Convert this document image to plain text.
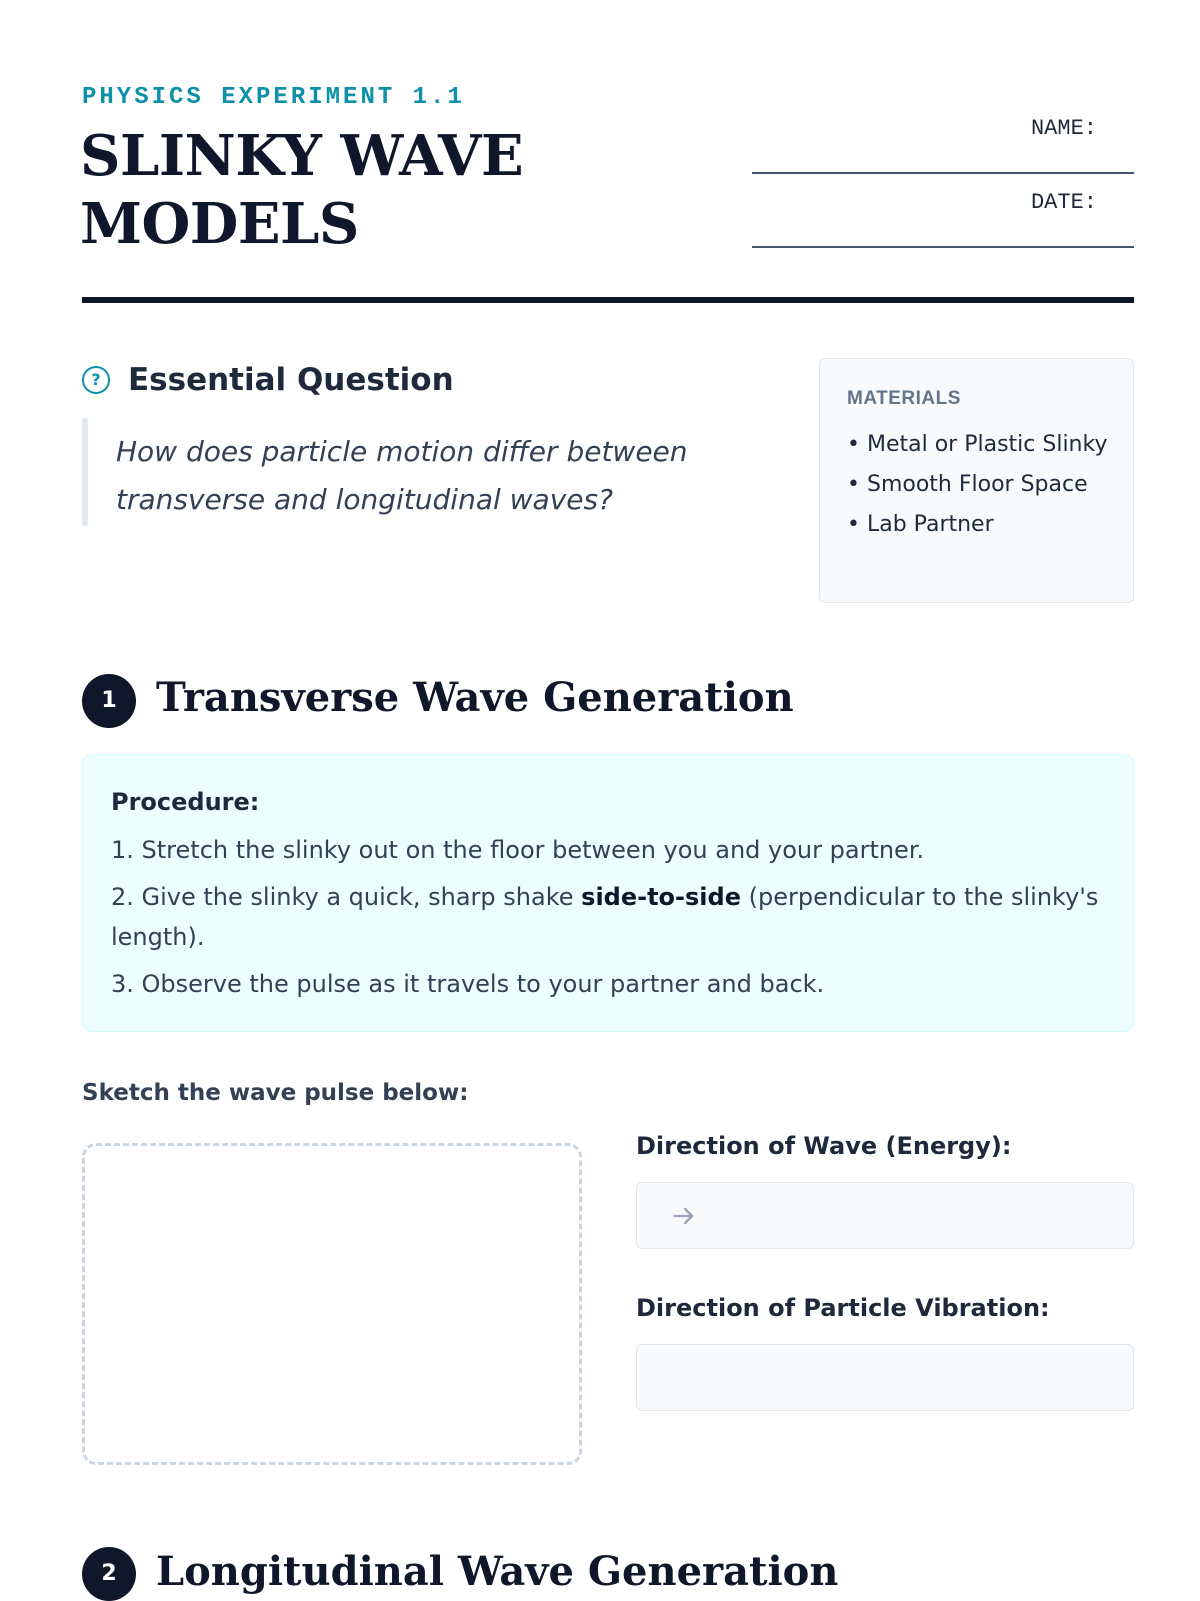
PHYSICS EXPERIMENT 1.1
SLINKY WAVE MODELS
NAME:
DATE:
? Essential Question
How does particle motion differ between transverse and longitudinal waves?
MATERIALS
• Metal or Plastic Slinky
• Smooth Floor Space
• Lab Partner
1 Transverse Wave Generation
Procedure:

1. Stretch the slinky out on the floor between you and your partner.

2. Give the slinky a quick, sharp shake side-to-side (perpendicular to the slinky's length).

3. Observe the pulse as it travels to your partner and back.

Sketch the wave pulse below:
Direction of Wave (Energy):
Direction of Particle Vibration:
2 Longitudinal Wave Generation
